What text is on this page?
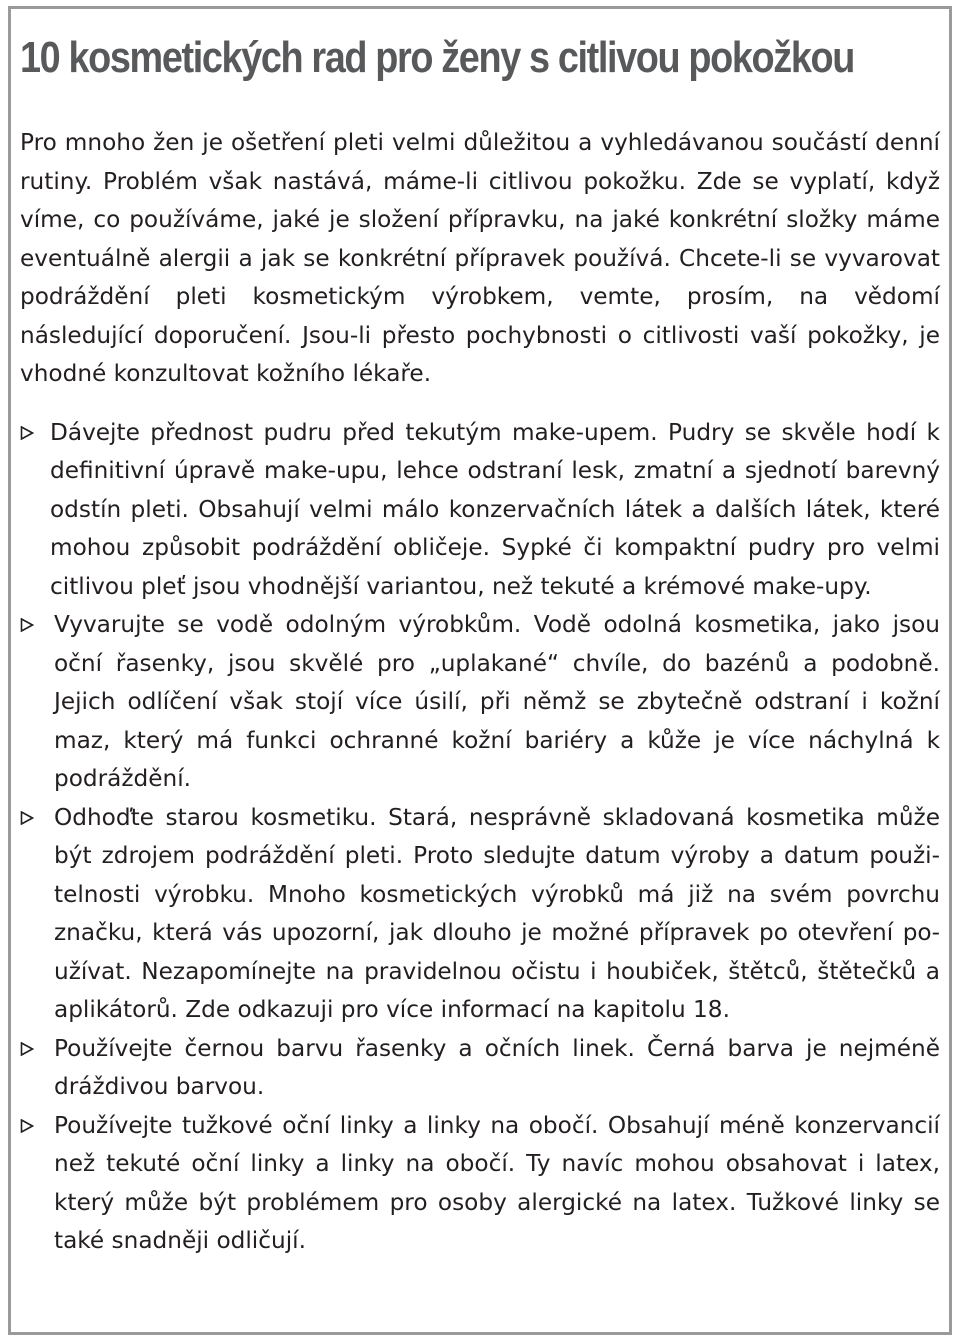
10 kosmetických rad pro ženy s citlivou pokožkou

Pro mnoho žen je ošetření pleti velmi důležitou a vyhledávanou součástí denní rutiny. Problém však nastává, máme-li citlivou pokožku. Zde se vyplatí, když víme, co používáme, jaké je složení přípravku, na jaké konkrétní složky máme eventuálně alergii a jak se konkrétní přípravek používá. Chcete-li se vyvarovat podráždění pleti kosmetickým výrobkem, vemte, prosím, na vědomí následující doporučení. Jsou-li přesto pochybnosti o citlivosti vaší pokožky, je vhodné konzultovat kožního lékaře.

Dávejte přednost pudru před tekutým make-upem. Pudry se skvěle hodí k definitivní úpravě make-upu, lehce odstraní lesk, zmatní a sjednotí barevný odstín pleti. Obsahují velmi málo konzervačních látek a dalších látek, které mohou způsobit podráždění obličeje. Sypké či kompaktní pudry pro velmi citlivou pleť jsou vhodnější variantou, než tekuté a krémové make-upy.
Vyvarujte se vodě odolným výrobkům. Vodě odolná kosmetika, jako jsou oční řasenky, jsou skvělé pro „uplakané“ chvíle, do bazénů a podobně. Jejich odlíčení však stojí více úsilí, při němž se zbytečně odstraní i kožní maz, který má funkci ochranné kožní bariéry a kůže je více náchylná k podráždění.
Odhoďte starou kosmetiku. Stará, nesprávně skladovaná kosmetika může být zdrojem podráždění pleti. Proto sledujte datum výroby a datum použitelnosti výrobku. Mnoho kosmetických výrobků má již na svém povrchu značku, která vás upozorní, jak dlouho je možné přípravek po otevření používat. Nezapomínejte na pravidelnou očistu i houbiček, štětců, štětečků a aplikátorů. Zde odkazuji pro více informací na kapitolu 18.
Používejte černou barvu řasenky a očních linek. Černá barva je nejméně dráždivou barvou.
Používejte tužkové oční linky a linky na obočí. Obsahují méně konzervancií než tekuté oční linky a linky na obočí. Ty navíc mohou obsahovat i latex, který může být problémem pro osoby alergické na latex. Tužkové linky se také snadněji odličují.
